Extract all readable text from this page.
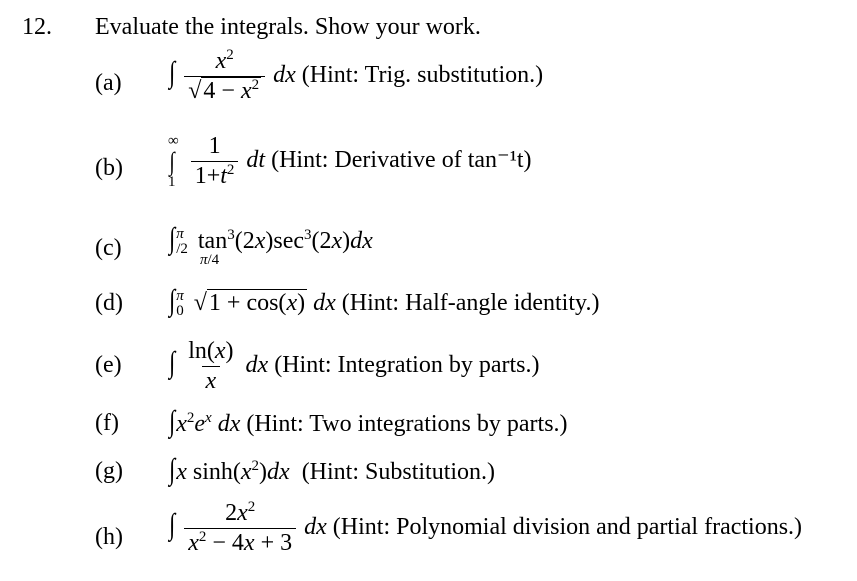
12. Evaluate the integrals. Show your work.
(a) ∫ $\frac{x^2}{√4 - x^2}$ dx (Hint: Trig. substitution.)
(b)
∞
∫
1
$\frac{1}{1+t^2}$ dt (Hint: Derivative of tan⁻¹t)
(c) ∫ π
/2 $\tan^3(2x)\sec^3(2x)dx$
π/4
(d) ∫ π
0 √1 + cos(x) dx (Hint: Half-angle identity.)
(e) ∫ $\frac{\ln(x)}{x}$ dx (Hint: Integration by parts.)
(f) $\int x^2e^x$ dx (Hint: Two integrations by parts.)
(g) ∫x $\sinh(x^2)dx$ (Hint: Substitution.)
(h) ∫ $\frac{2x^2}{x^2 - 4x + 3}$ dx (Hint: Polynomial division and partial fractions.)
